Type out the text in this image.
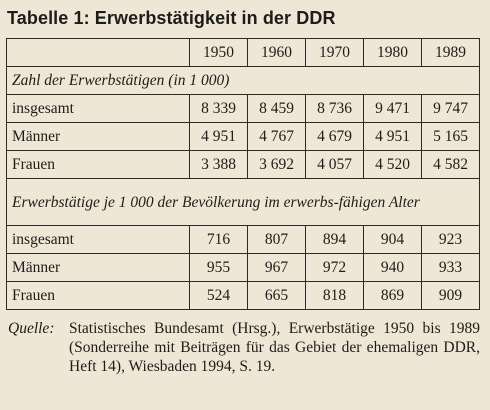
Tabelle 1: Erwerbstätigkeit in der DDR
	1950	1960	1970	1980	1989
Zahl der Erwerbstätigen (in 1 000)					
insgesamt	8 339	8 459	8 736	9 471	9 747
Männer	4 951	4 767	4 679	4 951	5 165
Frauen	3 388	3 692	4 057	4 520	4 582
Erwerbstätige je 1 000 der Bevölkerung im erwerbs-fähigen Alter					
insgesamt	716	807	894	904	923
Männer	955	967	972	940	933
Frauen	524	665	818	869	909
Quelle: Statistisches Bundesamt (Hrsg.), Erwerbstätige 1950 bis 1989 (Sonderreihe mit Beiträgen für das Gebiet der ehemaligen DDR, Heft 14), Wiesbaden 1994, S. 19.
